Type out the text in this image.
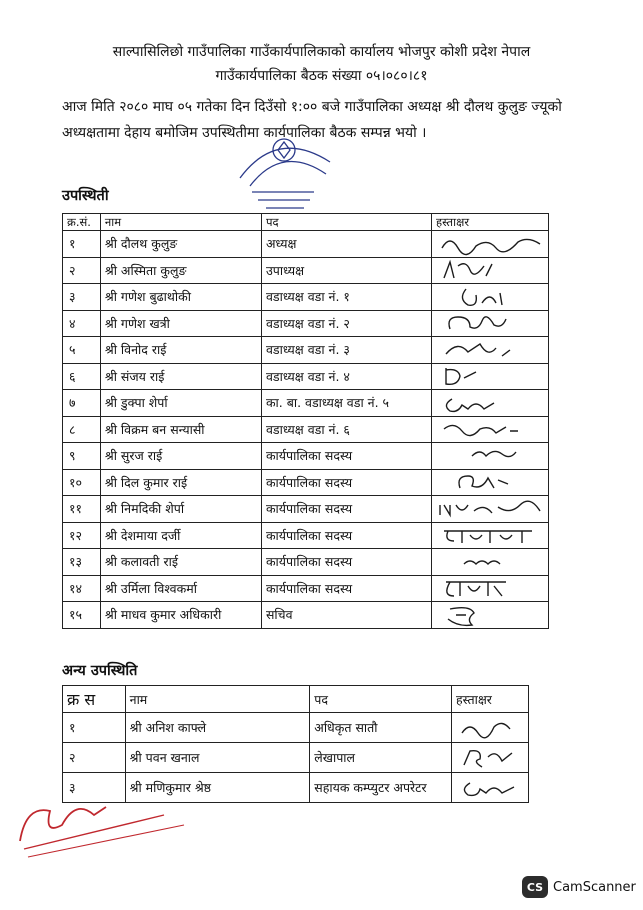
साल्पासिलिछो गाउँपालिका गाउँकार्यपालिकाको कार्यालय भोजपुर कोशी प्रदेश नेपाल
गाउँकार्यपालिका बैठक संख्या ०५।०८०।८१
आज मिति २०८० माघ ०५ गतेका दिन दिउँसो १:०० बजे गाउँपालिका अध्यक्ष श्री दौलथ कुलुङ ज्यूको अध्यक्षतामा देहाय बमोजिम उपस्थितीमा कार्यपालिका बैठक सम्पन्न भयो ।
उपस्थिती
क्र.सं.	नाम	पद	हस्ताक्षर
१	श्री दौलथ कुलुङ	अध्यक्ष	

२	श्री अस्मिता कुलुङ	उपाध्यक्ष	

३	श्री गणेश बुढाथोकी	वडाध्यक्ष वडा नं. १	

४	श्री गणेश खत्री	वडाध्यक्ष वडा नं. २	

५	श्री विनोद राई	वडाध्यक्ष वडा नं. ३	

६	श्री संजय राई	वडाध्यक्ष वडा नं. ४	

७	श्री डुक्पा शेर्पा	का. बा. वडाध्यक्ष वडा नं. ५	

८	श्री विक्रम बन सन्यासी	वडाध्यक्ष वडा नं. ६	

९	श्री सुरज राई	कार्यपालिका सदस्य	

१०	श्री दिल कुमार राई	कार्यपालिका सदस्य	

११	श्री निमदिकी शेर्पा	कार्यपालिका सदस्य	

१२	श्री देशमाया दर्जी	कार्यपालिका सदस्य	

१३	श्री कलावती राई	कार्यपालिका सदस्य	

१४	श्री उर्मिला विश्वकर्मा	कार्यपालिका सदस्य	

१५	श्री माधव कुमार अधिकारी	सचिव	
अन्य उपस्थिति
क्र स	नाम	पद	हस्ताक्षर
१	श्री अनिश काफ्ले	अधिकृत सातौ	

२	श्री पवन खनाल	लेखापाल	

३	श्री मणिकुमार श्रेष्ठ	सहायक कम्प्युटर अपरेटर	
CS CamScanner
